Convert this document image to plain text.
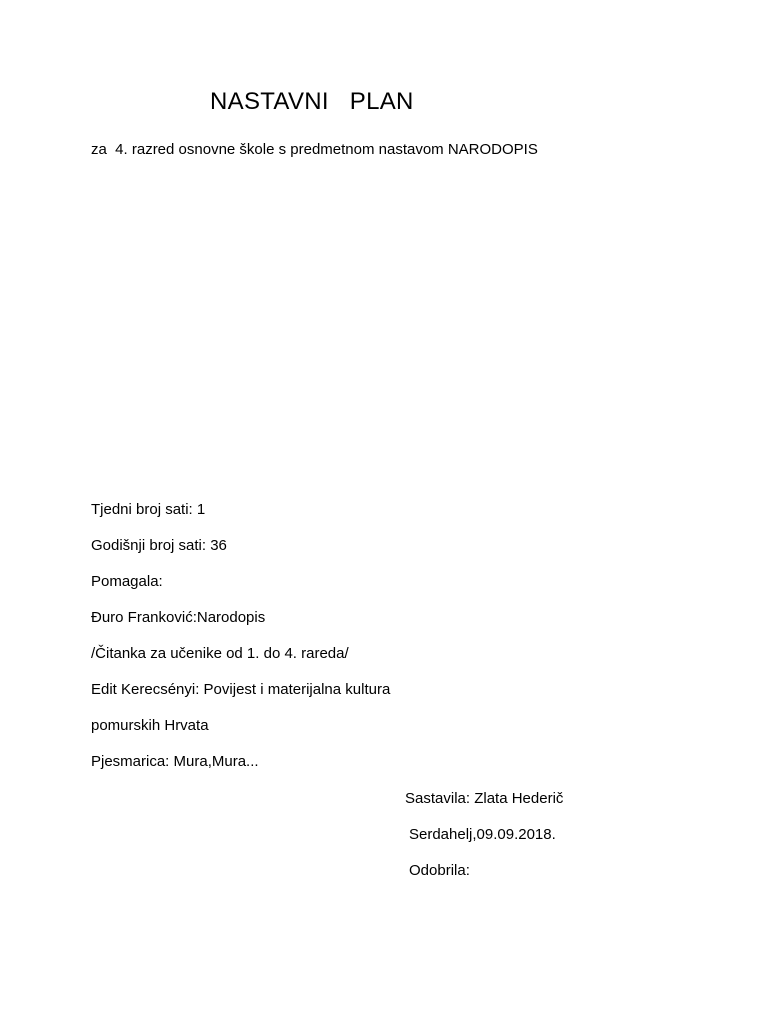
NASTAVNI   PLAN

za  4. razred osnovne škole s predmetnom nastavom NARODOPIS

Tjedni broj sati: 1

Godišnji broj sati: 36

Pomagala:

Đuro Franković:Narodopis

/Čitanka za učenike od 1. do 4. rareda/

Edit Kerecsényi: Povijest i materijalna kultura

pomurskih Hrvata

Pjesmarica: Mura,Mura...

Sastavila: Zlata Hederič

Serdahelj,09.09.2018.

Odobrila:
